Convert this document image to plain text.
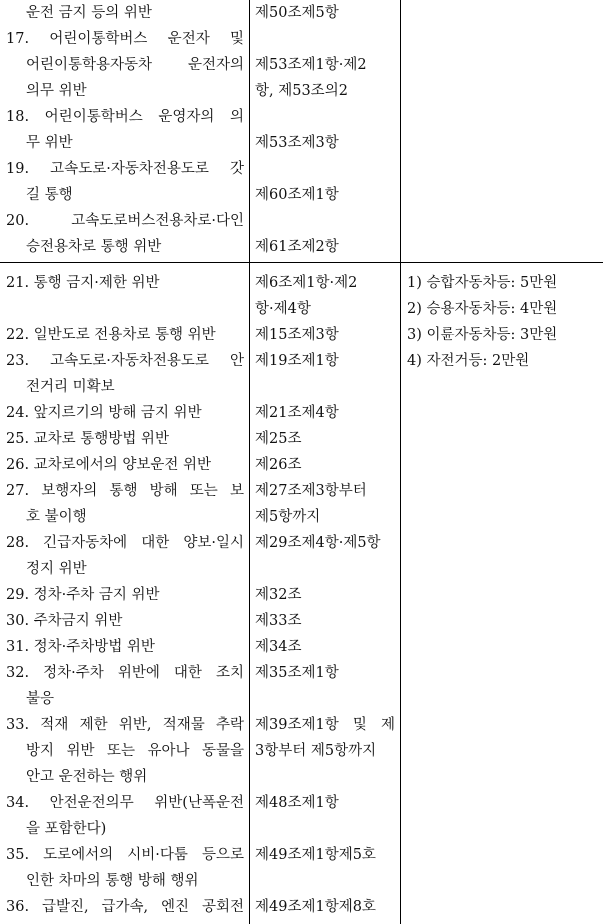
운전 금지 등의 위반
17. 어린이통학버스 운전자 및
어린이통학용자동차 운전자의
의무 위반
18. 어린이통학버스 운영자의 의
무 위반
19. 고속도로·자동차전용도로 갓
길 통행
20. 고속도로버스전용차로·다인
승전용차로 통행 위반
제50조제5항
제53조제1항·제2
항, 제53조의2
제53조제3항
제60조제1항
제61조제2항
21. 통행 금지·제한 위반
22. 일반도로 전용차로 통행 위반
23. 고속도로·자동차전용도로 안
전거리 미확보
24. 앞지르기의 방해 금지 위반
25. 교차로 통행방법 위반
26. 교차로에서의 양보운전 위반
27. 보행자의 통행 방해 또는 보
호 불이행
28. 긴급자동차에 대한 양보·일시
정지 위반
29. 정차·주차 금지 위반
30. 주차금지 위반
31. 정차·주차방법 위반
32. 정차·주차 위반에 대한 조치
불응
33. 적재 제한 위반, 적재물 추락
방지 위반 또는 유아나 동물을
안고 운전하는 행위
34. 안전운전의무 위반(난폭운전
을 포함한다)
35. 도로에서의 시비·다툼 등으로
인한 차마의 통행 방해 행위
36. 급발진, 급가속, 엔진 공회전
제6조제1항·제2
항·제4항
제15조제3항
제19조제1항
제21조제4항
제25조
제26조
제27조제3항부터
제5항까지
제29조제4항·제5항
제32조
제33조
제34조
제35조제1항
제39조제1항 및 제
3항부터 제5항까지
제48조제1항
제49조제1항제5호
제49조제1항제8호
1) 승합자동차등: 5만원
2) 승용자동차등: 4만원
3) 이륜자동차등: 3만원
4) 자전거등: 2만원
